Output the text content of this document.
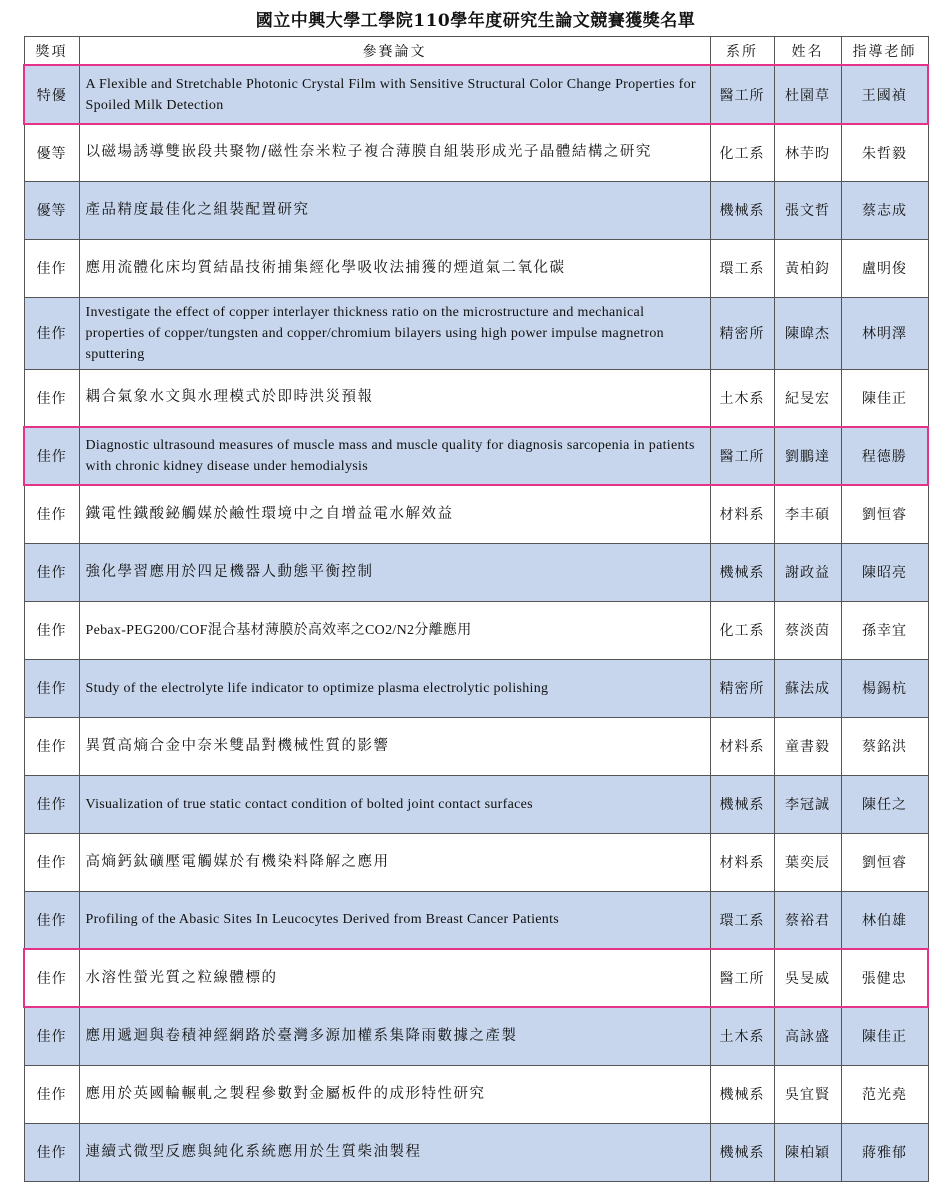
國立中興大學工學院110學年度研究生論文競賽獲獎名單
獎項	參賽論文	系所	姓名	指導老師
特優	A Flexible and Stretchable Photonic Crystal Film with Sensitive Structural Color Change Properties for Spoiled Milk Detection	醫工所	杜園草	王國禎
優等	以磁場誘導雙嵌段共聚物/磁性奈米粒子複合薄膜自組裝形成光子晶體結構之研究	化工系	林芋昀	朱哲毅
優等	產品精度最佳化之組裝配置研究	機械系	張文哲	蔡志成
佳作	應用流體化床均質結晶技術捕集經化學吸收法捕獲的煙道氣二氧化碳	環工系	黃柏鈞	盧明俊
佳作	Investigate the effect of copper interlayer thickness ratio on the microstructure and mechanical properties of copper/tungsten and copper/chromium bilayers using high power impulse magnetron sputtering	精密所	陳暐杰	林明澤
佳作	耦合氣象水文與水理模式於即時洪災預報	土木系	紀旻宏	陳佳正
佳作	Diagnostic ultrasound measures of muscle mass and muscle quality for diagnosis sarcopenia in patients with chronic kidney disease under hemodialysis	醫工所	劉鵬達	程德勝
佳作	鐵電性鐵酸鉍觸媒於鹼性環境中之自增益電水解效益	材料系	李丰碩	劉恒睿
佳作	強化學習應用於四足機器人動態平衡控制	機械系	謝政益	陳昭亮
佳作	Pebax-PEG200/COF混合基材薄膜於高效率之CO2/N2分離應用	化工系	蔡淡茵	孫幸宜
佳作	Study of the electrolyte life indicator to optimize plasma electrolytic polishing	精密所	蘇法成	楊錫杭
佳作	異質高熵合金中奈米雙晶對機械性質的影響	材料系	童書毅	蔡銘洪
佳作	Visualization of true static contact condition of bolted joint contact surfaces	機械系	李冠誠	陳任之
佳作	高熵鈣鈦礦壓電觸媒於有機染料降解之應用	材料系	葉奕辰	劉恒睿
佳作	Profiling of the Abasic Sites In Leucocytes Derived from Breast Cancer Patients	環工系	蔡裕君	林伯雄
佳作	水溶性螢光質之粒線體標的	醫工所	吳旻威	張健忠
佳作	應用遞迴與卷積神經網路於臺灣多源加權系集降雨數據之產製	土木系	高詠盛	陳佳正
佳作	應用於英國輪輾軋之製程參數對金屬板件的成形特性研究	機械系	吳宜賢	范光堯
佳作	連續式微型反應與純化系統應用於生質柴油製程	機械系	陳柏穎	蔣雅郁
